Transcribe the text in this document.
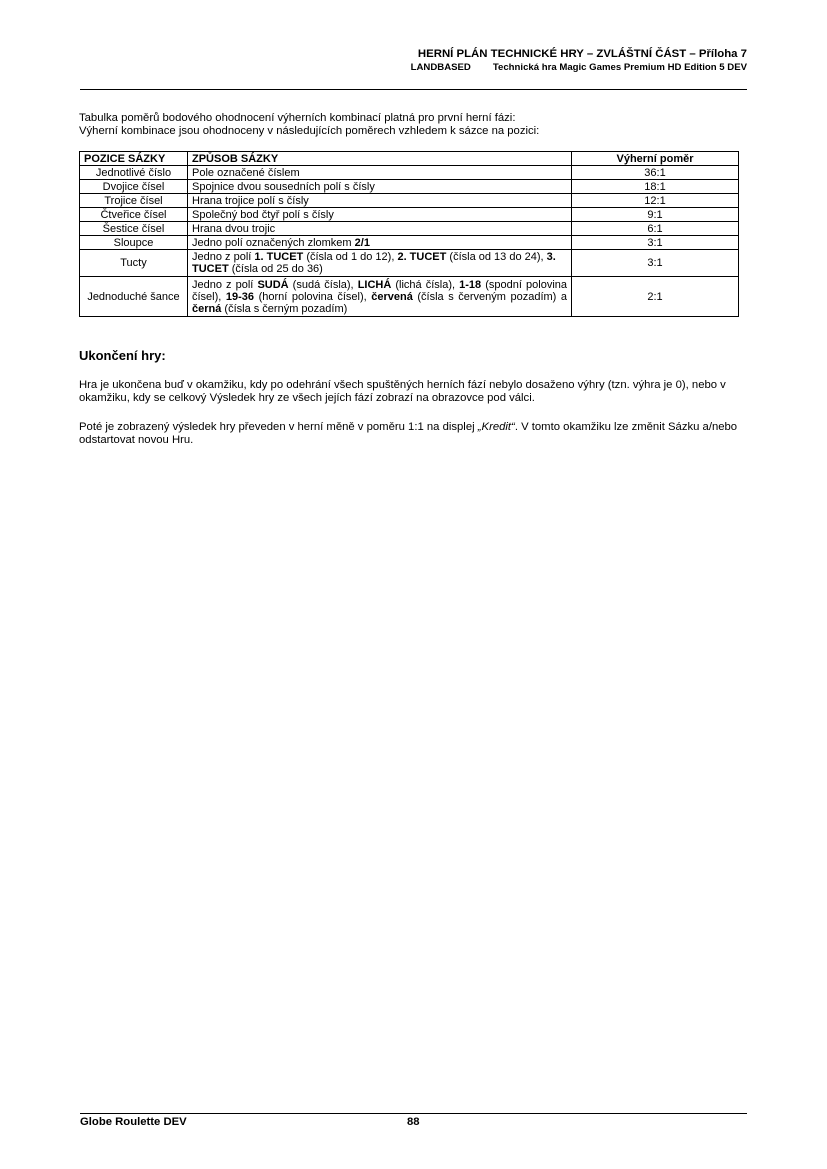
HERNÍ PLÁN TECHNICKÉ HRY – ZVLÁŠTNÍ ČÁST – Příloha 7
LANDBASED Technická hra Magic Games Premium HD Edition 5 DEV

Tabulka poměrů bodového ohodnocení výherních kombinací platná pro první herní fázi:

Výherní kombinace jsou ohodnoceny v následujících poměrech vzhledem k sázce na pozici:

POZICE SÁZKY	ZPŮSOB SÁZKY	Výherní poměr
Jednotlivé číslo	Pole označené číslem	36:1
Dvojice čísel	Spojnice dvou sousedních polí s čísly	18:1
Trojice čísel	Hrana trojice polí s čísly	12:1
Čtveřice čísel	Společný bod čtyř polí s čísly	9:1
Šestice čísel	Hrana dvou trojic	6:1
Sloupce	Jedno polí označených zlomkem 2/1	3:1
Tucty	Jedno z polí 1. TUCET (čísla od 1 do 12), 2. TUCET (čísla od 13 do 24), 3. TUCET (čísla od 25 do 36)	3:1
Jednoduché šance	Jedno z polí SUDÁ (sudá čísla), LICHÁ (lichá čísla), 1-18 (spodní polovina čísel), 19-36 (horní polovina čísel), červená (čísla s červeným pozadím) a černá (čísla s černým pozadím)	2:1
Ukončení hry:

Hra je ukončena buď v okamžiku, kdy po odehrání všech spuštěných herních fází nebylo dosaženo výhry (tzn. výhra je 0), nebo v okamžiku, kdy se celkový Výsledek hry ze všech jejích fází zobrazí na obrazovce pod válci.

Poté je zobrazený výsledek hry převeden v herní měně v poměru 1:1 na displej „Kredit“. V tomto okamžiku lze změnit Sázku a/nebo odstartovat novou Hru.

Globe Roulette DEV	88
